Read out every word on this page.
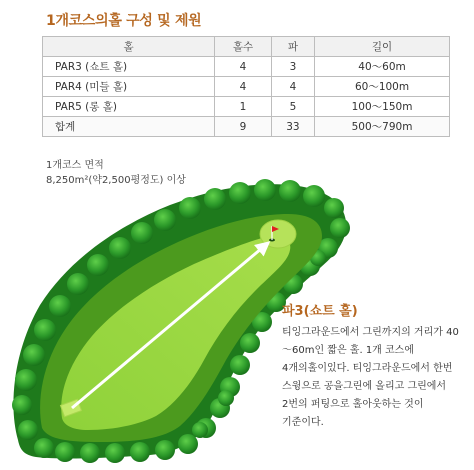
1개코스의홀 구성 및 제원
홀	홀수	파	길이
PAR3 (쇼트 홀)	4	3	40～60m
PAR4 (미들 홀)	4	4	60～100m
PAR5 (롱 홀)	1	5	100～150m
합계	9	33	500～790m
1개코스 면적
8,250m²(약2,500평정도) 이상
파3(쇼트 홀)
티잉그라운드에서 그린까지의 거리가 40～60m인 짧은 홀. 1개 코스에 4개의홀이있다. 티잉그라운드에서 한번 스윙으로 공을그린에 올리고 그린에서 2번의 퍼팅으로 홀아웃하는 것이 기준이다.
